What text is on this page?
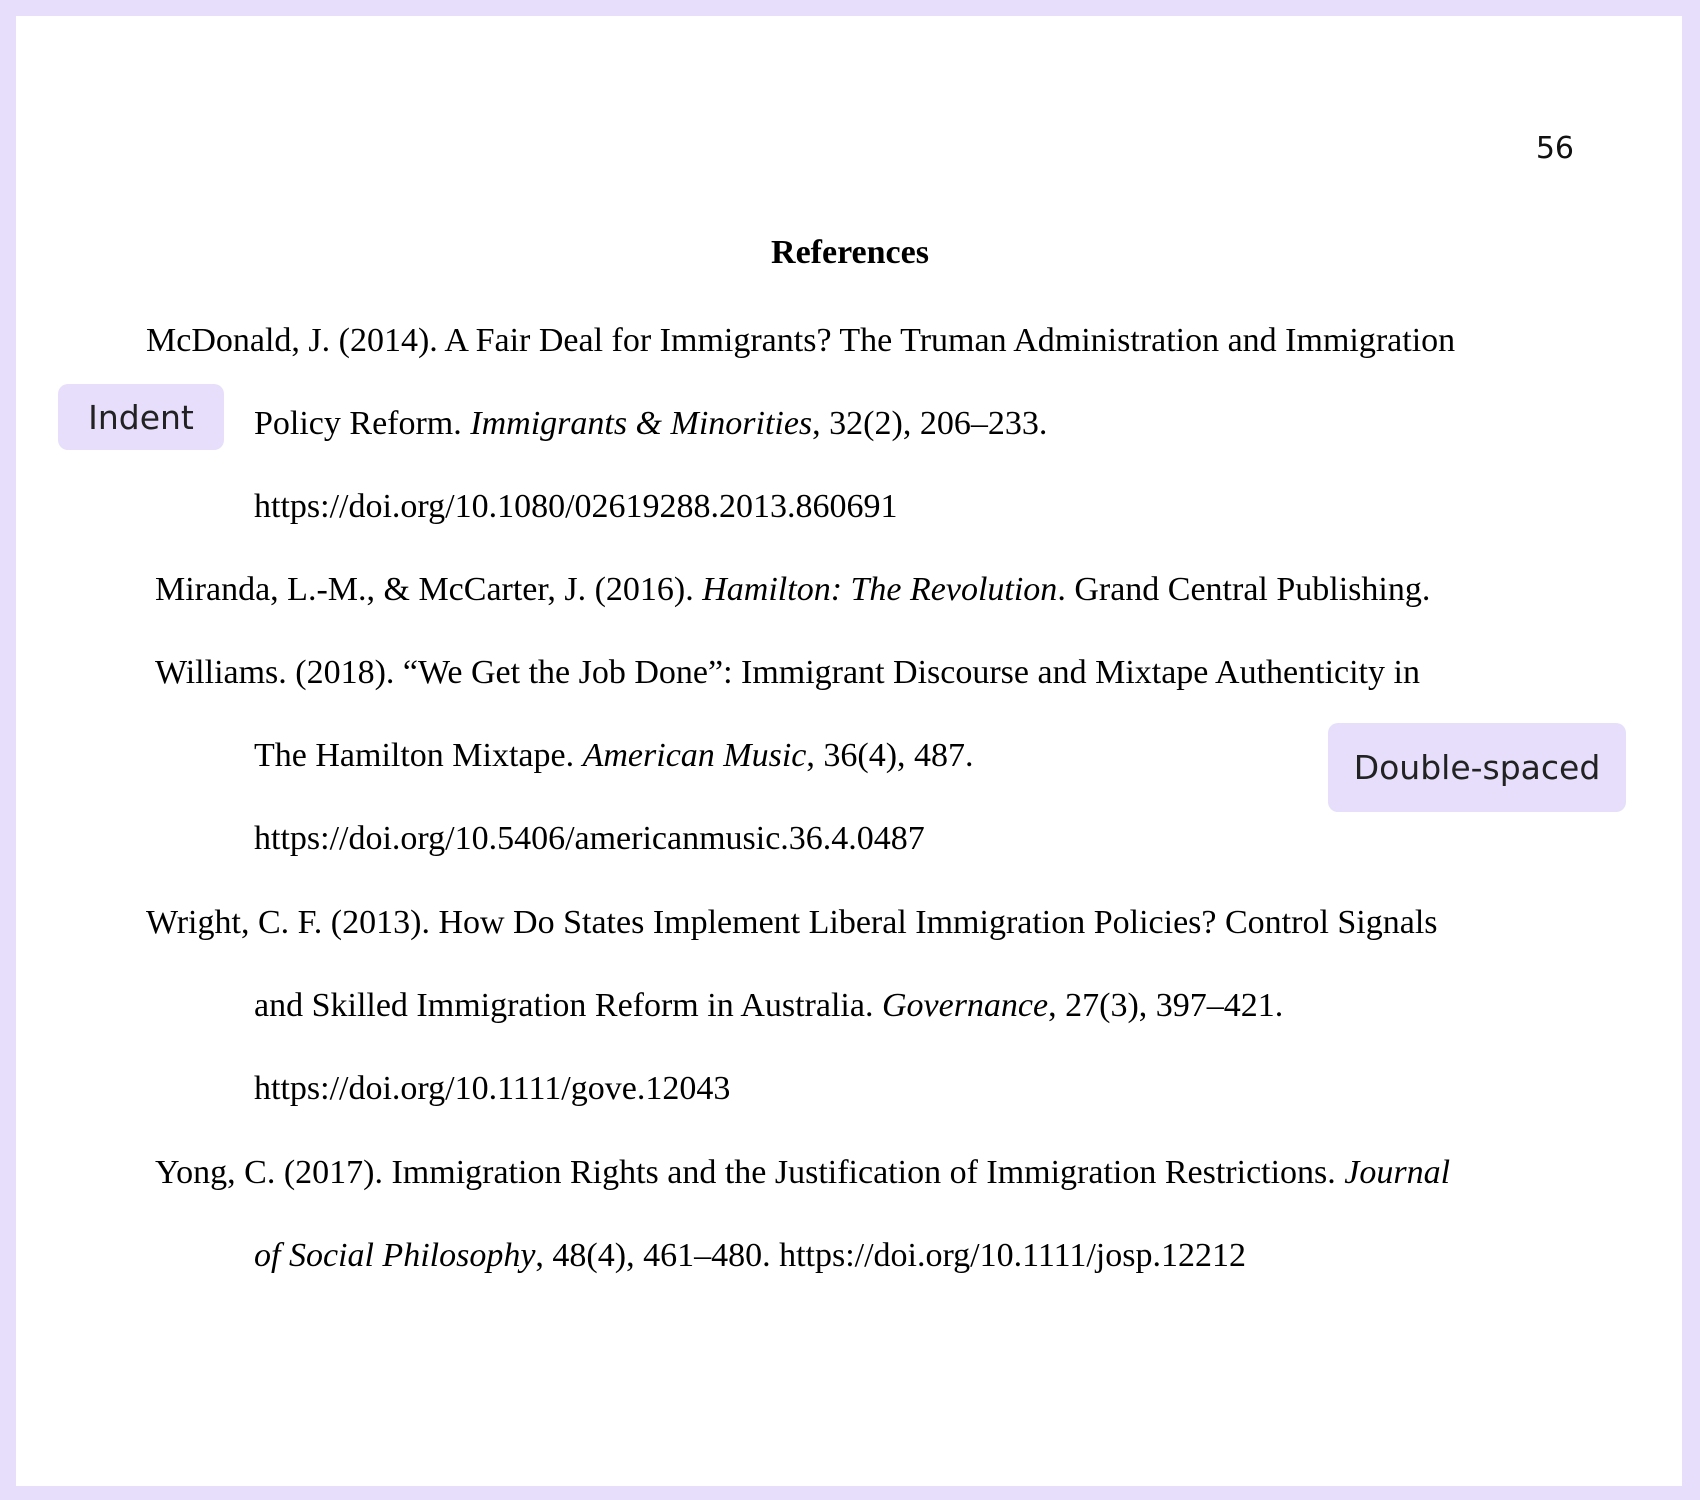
56
References
McDonald, J. (2014). A Fair Deal for Immigrants? The Truman Administration and Immigration
Policy Reform. Immigrants & Minorities, 32(2), 206–233.
https://doi.org/10.1080/02619288.2013.860691
Miranda, L.-M., & McCarter, J. (2016). Hamilton: The Revolution. Grand Central Publishing.
Williams. (2018). “We Get the Job Done”: Immigrant Discourse and Mixtape Authenticity in
The Hamilton Mixtape. American Music, 36(4), 487.
https://doi.org/10.5406/americanmusic.36.4.0487
Wright, C. F. (2013). How Do States Implement Liberal Immigration Policies? Control Signals
and Skilled Immigration Reform in Australia. Governance, 27(3), 397–421.
https://doi.org/10.1111/gove.12043
Yong, C. (2017). Immigration Rights and the Justification of Immigration Restrictions. Journal
of Social Philosophy, 48(4), 461–480. https://doi.org/10.1111/josp.12212
Indent
Double-spaced
